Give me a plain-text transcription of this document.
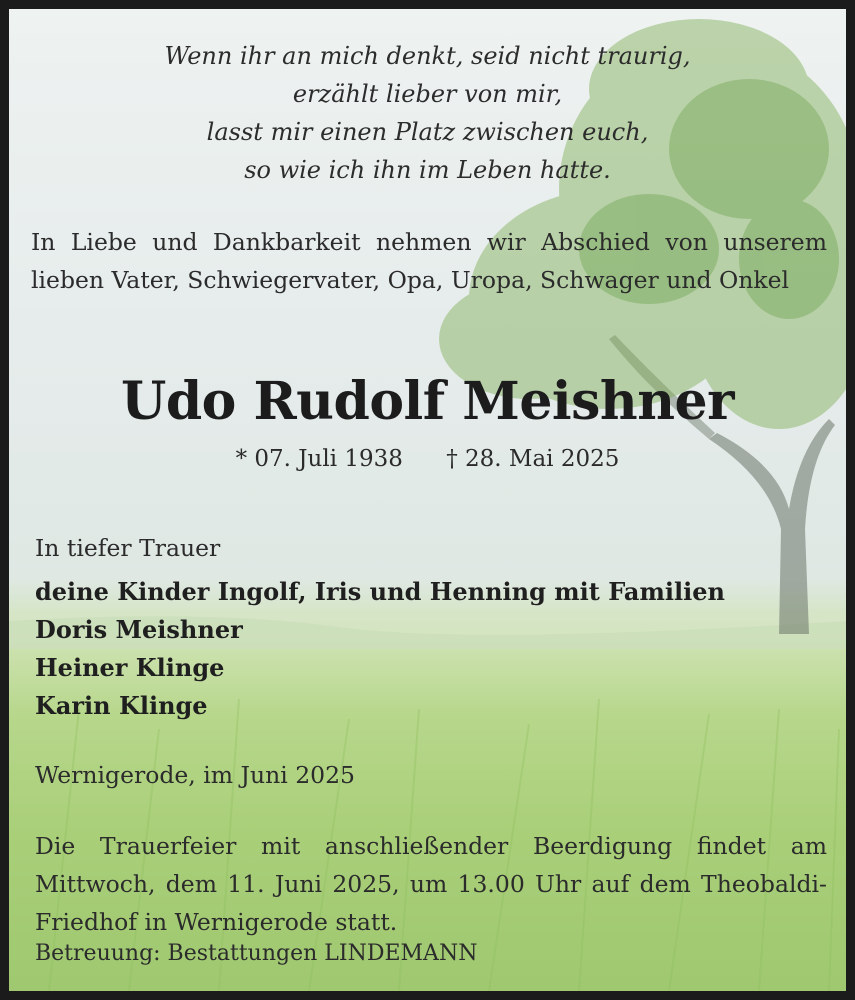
Wenn ihr an mich denkt, seid nicht traurig,
erzählt lieber von mir,
lasst mir einen Platz zwischen euch,
so wie ich ihn im Leben hatte.
In Liebe und Dankbarkeit nehmen wir Abschied von unserem lieben Vater, Schwiegervater, Opa, Uropa, Schwager und Onkel
Udo Rudolf Meishner
* 07. Juli 1938 † 28. Mai 2025
In tiefer Trauer
deine Kinder Ingolf, Iris und Henning mit Familien
Doris Meishner
Heiner Klinge
Karin Klinge
Wernigerode, im Juni 2025
Die Trauerfeier mit anschließender Beerdigung findet am Mittwoch, dem 11. Juni 2025, um 13.00 Uhr auf dem Theobaldi-Friedhof in Wernigerode statt.
Betreuung: Bestattungen LINDEMANN
